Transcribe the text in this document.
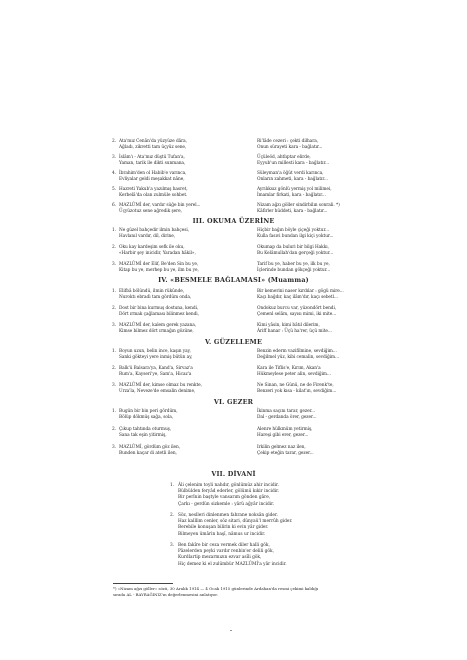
2. Ata'mız Cenân'da yüzyüze dâra,
Ağladı, zikretti tam üçyüz sene,
Ri'lâde cezeri : çekti dilhara,
Onun sürayeti kara - bağlatır...
3. İslâm'ı - Ata'mız düştü Tufan'a,
Yaman, tarik ile dikti sunmana,
Üçüleöd, ahtlıptar elirde,
Eyyub'un millesti kara - bağlatır...
4. İbrahim'den ol Habib'e varınca,
Evliyalar geldi meşakkat nâne,
Süleyman'a öğüt verdi karınca,
Onların zahmeti, kara - bağlatır...
5. Hazreti Yakub'a yazılmış hasret,
Kerbelâ'da olan zulmüle sohbet.
Ayrılıksız gönlü yermiş yol milimei,
İmamlar firkati, kara - bağlatır...
6. MAZLÛMİ der, vardır süğe bin yerel...
Üçyüzotuz sene ağredik şere,
Nizam ağzı göller sindirbilın sonrali. *)
Kâfirler hüddeti, kara - bağlatır...
III. OKUMA ÜZERİNE
1. Ne güzel bahçedir ilmin bahçesi,
Havlanıl vardır, dil, dirine,
Hiçbir bağın böyle çiçeği yoktur...
Kulla fasıvi bundan ilgi kiçi yoktur...
2. Oku kay kardeşim sefk ile oku,
«Harbir şey inicidir, Yaradan hâkil»,
Okumap da buluri bir bilgi Hakkı,
Bu Kelâmullah'dan gerçeği yoktur...
3. MAZLÛMİ der Elif, Be'den Sin bu ye,
Kitap bu ye, merhep bu ye, ilm bu ye,
Tarif bu ye, haber bu ye, ilk bu ye,
İçlerinde bundan gökçeği yoktur...
IV. «BESMELE BAĞLAMASI» (Muamma)
1. Elifbâ bölündü, ilmin rükûnde,
Nuroktı ebradi tam gördüm onda,
Bir kemerini naser kırdılar : gögü mire...
Kaçı bağdır, kaç ilâm'dır, kaçı sebetl...
2. Dost bir bina kurmuş dostuna, kendi,
Dört ırmak çağlaması bilinmez kendi,
Ondokuz burcu var, yüzondört bendi,
Çemenl selâm, sayısı mimi, iki mite...
3. MAZLÛMİ der, kalem gerek yazana,
Kimse bilmez dört ırmağın gözüne,
Kimi yâsin, kimi bâtıl dilerim,
Âriff hanar : Üçü ha'rer, üçü mite...
V. GÜZELLEME
1. Boyun uzun, belin ince, kaşın yay,
Sanki gökteyi yere inmiş bütün ay,
Benzin ederm vazifilmine, sevdiğim...
Değilmel yüz, kibi cemalin, sevdiğim...
2. Balk'ü Balsara'ya, Kand'a, Sirvaz'a
Rum'a, Kayseri'ye, Sam'a, Hicaz'a
Kara ile Tiflis'e, Kırım, Akan'a
Hükmeylese peter alin, sevdiğim...
3. MAZLÛMİ der, kimse olmaz bu renkte,
Urza'la, Neveze'de emsalin denime,
Ne Sinan, ne Günü, ne de Firenk'te,
Benzeri yok kısa - kilat'ın, sevdiğim...
VI. GEZER
1. Bugün bir bin peri gördüm,
Bölüp dökmüş sağa, sola,
İkinma saçını tarar, gezer...
Dal - gerdanda örer, gezer...
2. Çıkup tahtında oturmuş,
Sana tak eşin yitirmiş,
Alenre hülkmüm yetirmiş,
Hareşi gibi erer, gezer...
3. MAZLÛMİ, gördüm göz ilen,
Bunden kaçar di atetli ilen,
Irkilin gelmez naz ilen,
Çekip eteğin tarar, gezer...
VII. DİVANİ
1. Âli çelenim toyli nahdır, gönlümüz ahir incidir.
Bülbülden feryâd ederler, gölümü kıkir incidir.
Bir perînin baştyle vansarım gönden gâre,
Çarkı - gerdün sizkemle : yârü ağyâr incidir.
2. Söz, neslleri dinlenmen fahrane noksân gider.
Haz kalllim cenler, söz sitari, dünyaü'l merrûh gider.
Berebile konuşan bilirin ki evin yâr gider.
Bilmeyen ümârin başî, nâmus ur incidir.
3. Ben fakîre bir ceza vermek diler halli gök,
Pâzelerden peyki vardır renbin'er delili gök,
Kurdlartip mezarmızın ezvar asîli gök,
Hiç demez ki el zulümbür MAZLÛMİ'a yâr incidir.
*) «Nizam ağzı göller» sözü, 30 Aralık 1914 — 4 Ocak 1915 günlerinde Ardahan'da resmi çekimi kaldığı
sırada AL - BAYRAĞINIZ'ın değerlenmesini anlatıyor.
